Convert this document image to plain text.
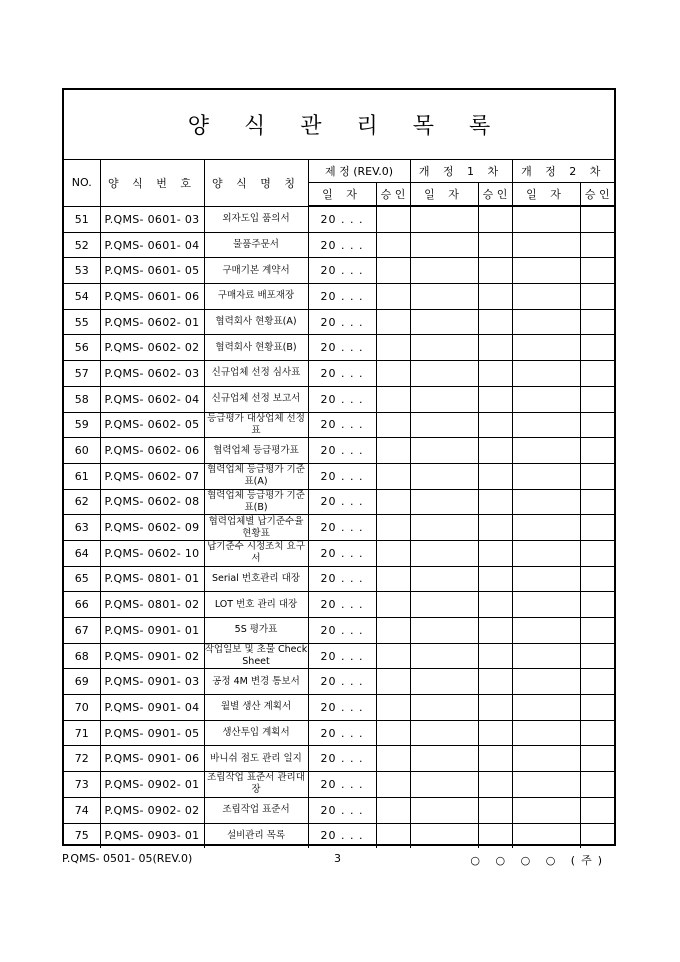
양 식 관 리 목 록
NO.	양 식 번 호	양 식 명 칭	제 정 (REV.0)		개 정 1 차		개 정 2 차	
			일 자	승 인	일 자	승 인	일 자	승 인
51	P.QMS- 0601- 03	외자도입 품의서	20 . . .					
52	P.QMS- 0601- 04	물품주문서	20 . . .					
53	P.QMS- 0601- 05	구매기본 계약서	20 . . .					
54	P.QMS- 0601- 06	구매자료 배포재장	20 . . .					
55	P.QMS- 0602- 01	협력회사 현황표(A)	20 . . .					
56	P.QMS- 0602- 02	협력회사 현황표(B)	20 . . .					
57	P.QMS- 0602- 03	신규업체 선정 심사표	20 . . .					
58	P.QMS- 0602- 04	신규업체 선정 보고서	20 . . .					
59	P.QMS- 0602- 05	등급평가 대상업체 선정표	20 . . .					
60	P.QMS- 0602- 06	협력업체 등급평가표	20 . . .					
61	P.QMS- 0602- 07	협력업체 등급평가 기준표(A)	20 . . .					
62	P.QMS- 0602- 08	협력업체 등급평가 기준표(B)	20 . . .					
63	P.QMS- 0602- 09	협력업체별 납기준수율현황표	20 . . .					
64	P.QMS- 0602- 10	납기준수 시정조치 요구서	20 . . .					
65	P.QMS- 0801- 01	Serial 번호관리 대장	20 . . .					
66	P.QMS- 0801- 02	LOT 번호 관리 대장	20 . . .					
67	P.QMS- 0901- 01	5S 평가표	20 . . .					
68	P.QMS- 0901- 02	작업일보 및 초물 Check Sheet	20 . . .					
69	P.QMS- 0901- 03	공정 4M 변경 통보서	20 . . .					
70	P.QMS- 0901- 04	월별 생산 계획서	20 . . .					
71	P.QMS- 0901- 05	생산투입 계획서	20 . . .					
72	P.QMS- 0901- 06	바니쉬 점도 관리 일지	20 . . .					
73	P.QMS- 0902- 01	조립작업 표준서 관리대장	20 . . .					
74	P.QMS- 0902- 02	조립작업 표준서	20 . . .					
75	P.QMS- 0903- 01	설비관리 목록	20 . . .					
P.QMS- 0501- 05(REV.0)	3	○ ○ ○ ○ (주)
